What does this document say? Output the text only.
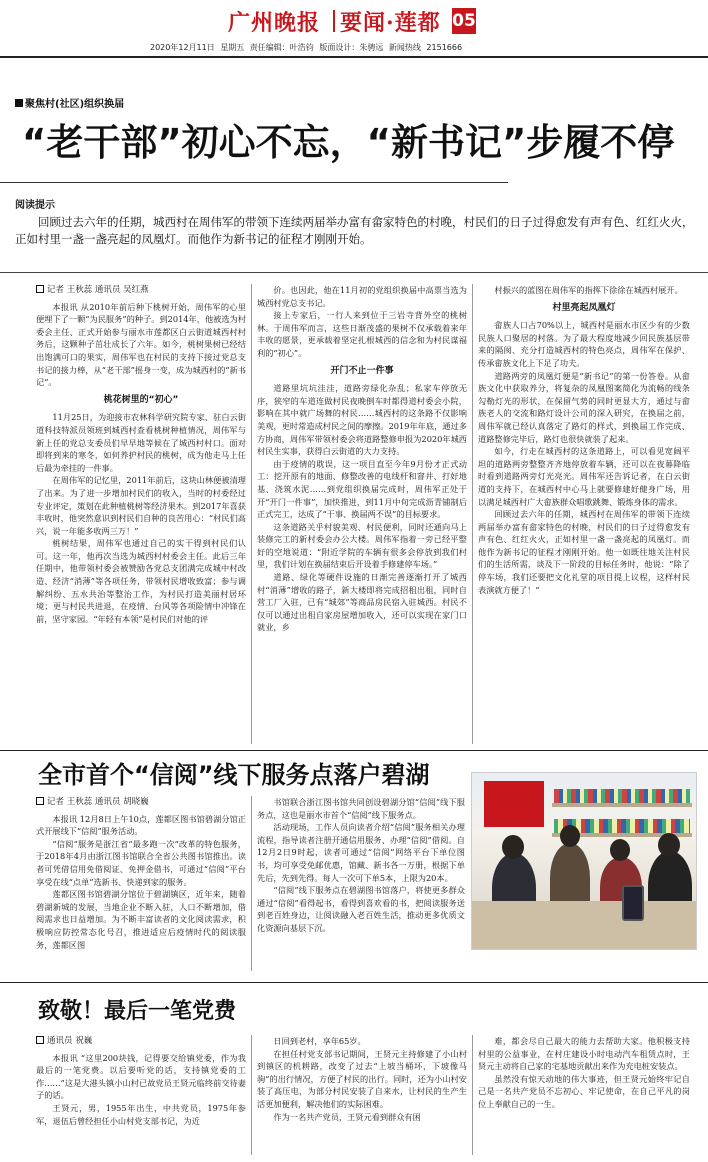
广州晚报 要闻·莲都 05
2020年12月11日 星期五 责任编辑：叶浩钧 版面设计：朱骋远 新闻热线 2151666
聚焦村(社区)组织换届
“老干部”初心不忘，“新书记”步履不停
阅读提示
回顾过去六年的任期，城西村在周伟军的带领下连续两届举办富有畲家特色的村晚，村民们的日子过得愈发有声有色、红红火火，正如村里一盏一盏亮起的凤凰灯。而他作为新书记的征程才刚刚开始。

记者 王秋蕊 通讯员 吴红燕

本报讯 从2010年前后种下桃树开始，周伟军的心里便埋下了一颗“为民服务”的种子。到2014年，他被选为村委会主任、正式开始参与丽水市莲都区白云街道城西村村务后，这颗种子茁壮成长了六年。如今，桃树果树已经结出饱满可口的果实，周伟军也在村民的支持下接过党总支书记的接力棒，从“老干部”摇身一变，成为城西村的“新书记”。

桃花树里的“初心”

11月25日，为迎接市农林科学研究院专家、驻白云街道科技特派员领班到城西村查看桃树种植情况，周伟军与新上任的党总支委员们早早地等候在了城西村村口。面对即将到来的寒冬，如何养护村民的桃树，成为他走马上任后最为牵挂的一件事。

在周伟军的记忆里，2011年前后，这块山林便被清理了出来。为了进一步增加村民们的收入，当时的村委经过专业评定，策划在此种植桃树等经济果木。到2017年喜获丰收时，他突然意识到村民们自种的良苦用心：“村民们高兴，说一年能多收两三万！”

桃树结果，周伟军也通过自己的实干得到村民们认可。这一年，他再次当选为城西村村委会主任。此后三年任期中，他带领村委会被赞励各党总支团满完成城中村改造、经济“消薄”等各项任务，带领村民增收致富；参与调解纠纷、五水共治等整治工作，为村民打造美丽村居环境；更与村民共进退，在疫情、台风等各项险情中冲锋在前，坚守家园。“年轻有本领”是村民们对他的评

价。也因此，他在11月初的党组织换届中高票当选为城西村党总支书记。

接上专家后，一行人来到位于三岩寺背外空的桃树林。于周伟军而言，这些日渐茂盛的果树不仅承载着来年丰收的愿景，更承载着坚定扎根城西的信念和为村民谋福利的“初心”。

开门不止一件事

道路里坑坑洼洼，道路旁绿化杂乱；私家车停放无序，狭窄的车道连做村民夜晚倒车时都得道村委会小院，影响在其中就广场舞的村民……城西村的这条路不仅影响美观，更时常造成村民之间的摩擦。2019年年底，通过多方协商，周伟军带领村委会将道路整修申报为2020年城西村民生实事，获得白云街道的大力支持。

由于疫情的耽误，这一项目直至今年9月份才正式动工：挖开原有的地面、修整改善的电线杆和窨井、打好地基、浇筑水泥……到党组织换届完成时，周伟军正处于开“开门一件事”，加快推进，到11月中旬完成沥青铺制后正式完工，达成了“干事、换届两不误”的目标要求。

这条道路关乎村貌美观、村民便利，同时还通向马上装修完工的新村委会办公大楼。周伟军指着一旁已经平整好的空地说道：“附近学院的车辆有很多会停放到我们村里，我们计划在换届结束后开设着手修建停车场。”

道路、绿化等硬件设施的日渐完善逐渐打开了城西村“消薄”增收的路子，新大楼即将完成招租出租，同时自营工厂入驻，已有“城郊”等商品房民宿入驻城西。村民不仅可以通过出租自家房屋增加收入，还可以实现在家门口就业，乡

村振兴的蓝图在周伟军的指挥下徐徐在城西村展开。

村里亮起凤凰灯

畲族人口占70%以上，城西村是丽水市区少有的少数民族人口聚居的村落。为了最大程度地减少回民族基层带来的隔阂、充分打造城西村的特色亮点，周伟军在保护、传承畲族文化上下足了功夫。

道路两旁的凤凰灯便是“新书记”的第一份答卷。从畲族文化中获取养分，将复杂的凤凰图案简化为流畅的线条勾勒灯光的形状，在保留气势的同时更显大方，通过与畲族老人的交流和路灯设计公司的深入研究，在换届之前，周伟军就已经认真落定了路灯的样式，到换届工作完成、道路整修完毕后，路灯也很快就装了起来。

如今，行走在城西村的这条道路上，可以看见宽阔平坦的道路两旁整整齐齐地停放着车辆，还可以在夜幕降临时看到道路两旁灯光亮光。周伟军还告诉记者，在白云街道的支持下，在城西村中心马上就要修建好健身广场，用以满足城西村广大畲族群众唱歌跳舞、锻炼身体的需求。

回顾过去六年的任期，城西村在周伟军的带领下连续两届举办富有畲家特色的村晚，村民们的日子过得愈发有声有色、红红火火，正如村里一盏一盏亮起的凤凰灯。而他作为新书记的征程才刚刚开始。他一如既往地关注村民们的生活所需，谈及下一阶段的目标任务时，他说：“除了停车场，我们还要把文化礼堂的项目提上议程，这样村民表演就方便了！”

全市首个“信阅”线下服务点落户碧湖

记者 王秋蕊 通讯员 胡晓巍

本报讯 12月8日上午10点，莲都区图书馆碧湖分馆正式开展线下“信阅”服务活动。

“信阅”服务是浙江省“最多跑一次”改革的特色服务，于2018年4月由浙江图书馆联合全省公共图书馆推出。读者可凭借信用免借阅证、免押金借书，可通过“信阅”平台享受在线“点单”选新书、快递到家的服务。

莲都区图书馆碧湖分馆位于碧湖镇区，近年来，随着碧湖新城的发展，当地企业不断入驻，人口不断增加，借阅需求也日益增加。为不断丰富读者的文化阅读需求，积极响应防控常态化号召，推进适应后疫情时代的阅读服务，莲都区图

书馆联合浙江图书馆共同创设碧湖分馆“信阅”线下服务点，这也是丽水市首个“信阅”线下服务点。

活动现场，工作人员向读者介绍“信阅”服务相关办理流程，指导读者注册开通信用服务、办理“信阅”借阅。自12月2日9时起，读者可通过“信阅”网络平台下单位图书，均可享受免邮优惠，馆藏、新书各一万册，根据下单先后，先到先得。每人一次可下单5本，上限为20本。

“信阅”线下服务点在碧湖图书馆落户，将使更多群众通过“信阅”看得起书，看得到喜欢看的书，把阅读服务送到老百姓身边，让阅读融入老百姓生活，推动更多优质文化资源向基层下沉。

致敬！最后一笔党费

通讯员 祝巍

本报讯 “这里200块钱，记得要交给镇党委，作为我最后的一笔党费。以后要听党的话，支持镇党委的工作……”这是大港头镇小山村已故党员王贤元临终前交待妻子的话。

王贤元，男，1955年出生，中共党员，1975年参军，退伍后曾经担任小山村党支部书记，为近

日回到老村，享年65岁。

在担任村党支部书记期间，王贤元主持修建了小山村到镇区的机耕路，改变了过去“上坡当桶坏，下坡像马驹”的出行情况，方便了村民的出行。同时，还为小山村安装了高压电，为部分村民安装了自来水，让村民的生产生活更加便利，解决他们的实际困难。

作为一名共产党员，王贤元看到群众有困

难，都会尽自己最大的能力去帮助大家。他积极支持村里的公益事业，在村庄建设小时电动汽车租赁点时，王贤元主动将自己家的宅基地贡献出来作为充电桩安装点。

虽然没有惊天动地的伟大事迹，但王贤元始终牢记自己是一名共产党员不忘初心、牢记使命，在自己平凡的岗位上奉献自己的一生。
